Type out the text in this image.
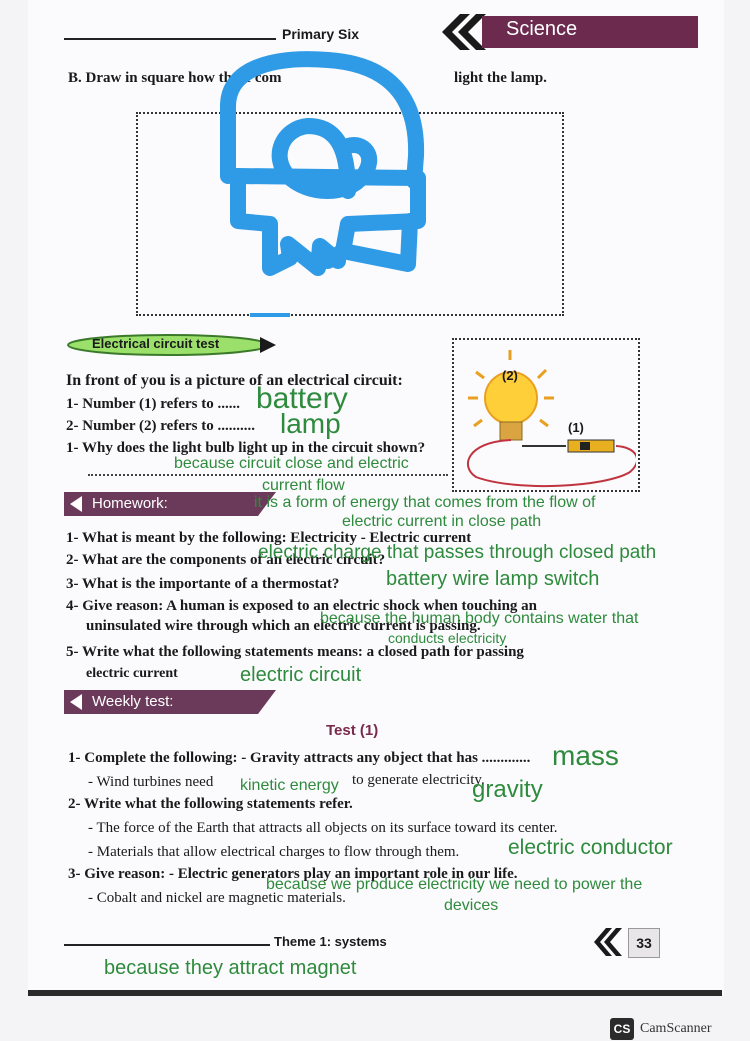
Primary Six	Science
B. Draw in square how these com	light the lamp.
Electrical circuit test
In front of you is a picture of an electrical circuit:
1- Number (1) refers to ...... battery
2- Number (2) refers to .......... lamp
1- Why does the light bulb light up in the circuit shown?
because circuit close and electric
current flow
(2)
(1)
Homework:	it is a form of energy that comes from the flow of
electric current in close path
1- What is meant by the following: Electricity - Electric current
2- What are the components of an electric circuit?
electric charge that passes through closed path
3- What is the importante of a thermostat? battery wire lamp switch
4- Give reason: A human is exposed to an electric shock when touching an
uninsulated wire through which an electric current is passing.
because the human body contains water that
conducts electricity
5- Write what the following statements means: a closed path for passing
electric current	electric circuit
Weekly test:
Test (1)
1- Complete the following: - Gravity attracts any object that has ............. mass
- Wind turbines need	to generate electricity.
kinetic energy	gravity
2- Write what the following statements refer.
- The force of the Earth that attracts all objects on its surface toward its center.
- Materials that allow electrical charges to flow through them. electric conductor
3- Give reason: - Electric generators play an important role in our life.
because we produce electricity we need to power the
devices
- Cobalt and nickel are magnetic materials.
Theme 1: systems	33
because they attract magnet
CS CamScanner
